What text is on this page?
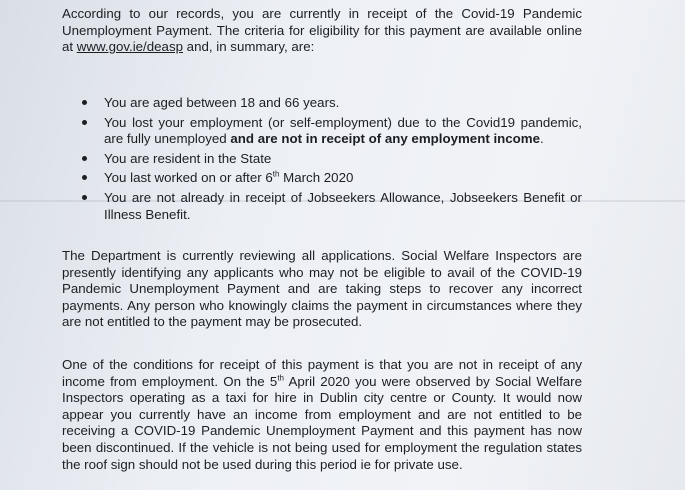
According to our records, you are currently in receipt of the Covid-19 Pandemic
Unemployment Payment. The criteria for eligibility for this payment are available online
at www.gov.ie/deasp and, in summary, are:
You are aged between 18 and 66 years.
You lost your employment (or self-employment) due to the Covid19 pandemic,
are fully unemployed and are not in receipt of any employment income.
You are resident in the State
You last worked on or after 6th March 2020
You are not already in receipt of Jobseekers Allowance, Jobseekers Benefit or
Illness Benefit.
The Department is currently reviewing all applications. Social Welfare Inspectors are
presently identifying any applicants who may not be eligible to avail of the COVID-19
Pandemic Unemployment Payment and are taking steps to recover any incorrect
payments. Any person who knowingly claims the payment in circumstances where they
are not entitled to the payment may be prosecuted.
One of the conditions for receipt of this payment is that you are not in receipt of any
income from employment. On the 5th April 2020 you were observed by Social Welfare
Inspectors operating as a taxi for hire in Dublin city centre or County. It would now
appear you currently have an income from employment and are not entitled to be
receiving a COVID-19 Pandemic Unemployment Payment and this payment has now
been discontinued. If the vehicle is not being used for employment the regulation states
the roof sign should not be used during this period ie for private use.
